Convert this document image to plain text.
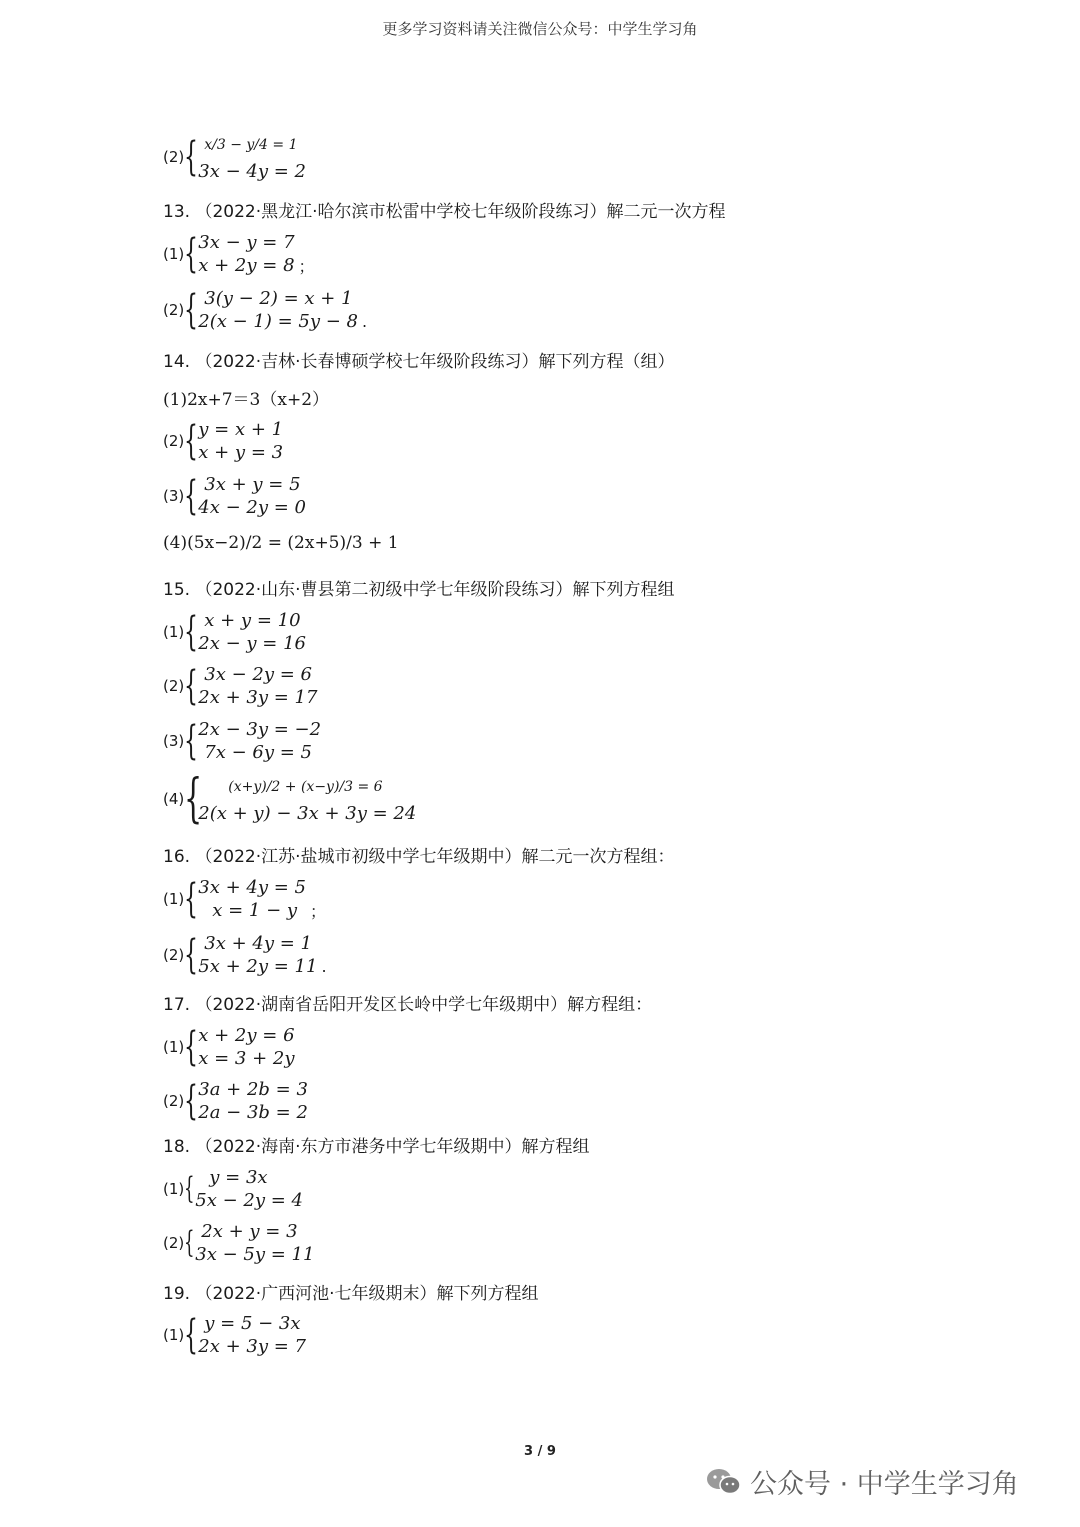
更多学习资料请关注微信公众号：中学生学习角
(2) { x/3 − y/4 = 1
3x − 4y = 2
13. （2022·黑龙江·哈尔滨市松雷中学校七年级阶段练习）解二元一次方程
(1) { 3x − y = 7
x + 2y = 8 ；
(2) { 3(y − 2) = x + 1
2(x − 1) = 5y − 8 .
14. （2022·吉林·长春博硕学校七年级阶段练习）解下列方程（组）
(1)2x+7＝3（x+2）
(2) { y = x + 1
x + y = 3
(3) { 3x + y = 5
4x − 2y = 0
(4)(5x−2)/2 = (2x+5)/3 + 1
15. （2022·山东·曹县第二初级中学七年级阶段练习）解下列方程组
(1) { x + y = 10
2x − y = 16
(2) { 3x − 2y = 6
2x + 3y = 17
(3) { 2x − 3y = −2
7x − 6y = 5
(4) {	(x+y)/2 + (x−y)/3 = 6
2(x + y) − 3x + 3y = 24
16. （2022·江苏·盐城市初级中学七年级期中）解二元一次方程组：
(1) { 3x + 4y = 5
x = 1 − y ；
(2) { 3x + 4y = 1
5x + 2y = 11 .
17. （2022·湖南省岳阳开发区长岭中学七年级期中）解方程组：
(1) { x + 2y = 6
x = 3 + 2y
(2) { 3a + 2b = 3
2a − 3b = 2
18. （2022·海南·东方市港务中学七年级期中）解方程组
(1) { y = 3x
5x − 2y = 4
(2) { 2x + y = 3
3x − 5y = 11
19. （2022·广西河池·七年级期末）解下列方程组
(1) { y = 5 − 3x
2x + 3y = 7
3 / 9
公众号 · 中学生学习角
